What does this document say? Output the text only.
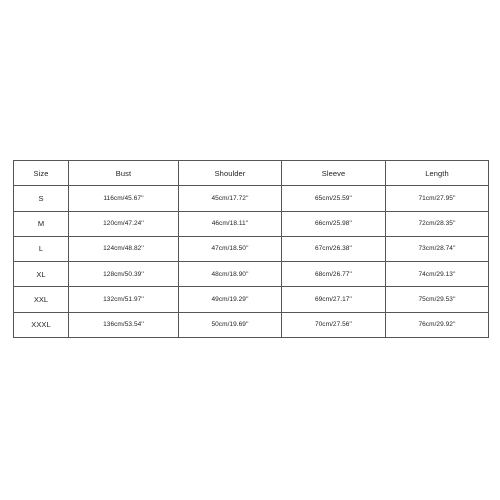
Size	Bust	Shoulder	Sleeve	Length
S	116cm/45.67''	45cm/17.72''	65cm/25.59''	71cm/27.95''
M	120cm/47.24''	46cm/18.11''	66cm/25.98''	72cm/28.35''
L	124cm/48.82''	47cm/18.50''	67cm/26.38''	73cm/28.74''
XL	128cm/50.39''	48cm/18.90''	68cm/26.77''	74cm/29.13''
XXL	132cm/51.97''	49cm/19.29''	69cm/27.17''	75cm/29.53''
XXXL	136cm/53.54''	50cm/19.69''	70cm/27.56''	76cm/29.92''
